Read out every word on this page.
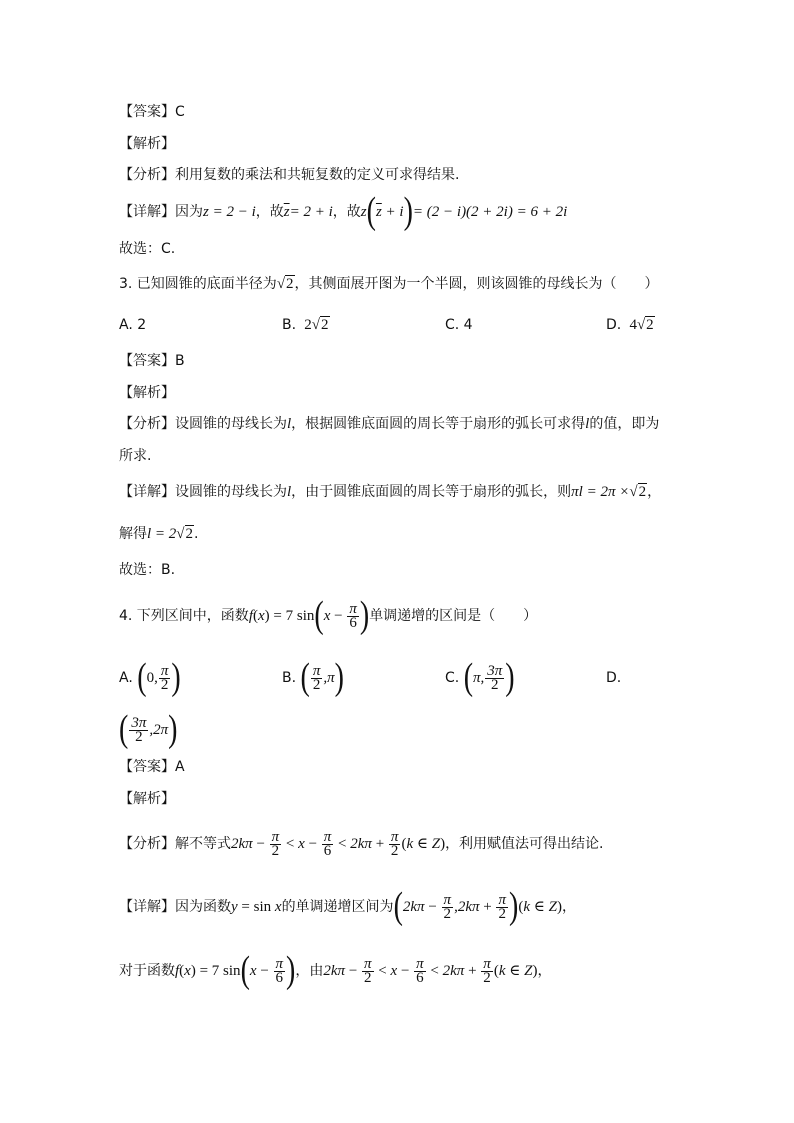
【答案】C
【解析】
【分析】利用复数的乘法和共轭复数的定义可求得结果.
【详解】因为z = 2 − i，故$\overline{z}= 2 + i$，故$z(\overline{z} + i)= (2 - i)(2 + 2i) = 6 + 2i$
故选：C.
3. 已知圆锥的底面半径为√2，其侧面展开图为一个半圆，则该圆锥的母线长为（　　）
A. 2	B.  2√2	C. 4	D.  4√2
【答案】B
【解析】
【分析】设圆锥的母线长为l，根据圆锥底面圆的周长等于扇形的弧长可求得l的值，即为
所求.
【详解】设圆锥的母线长为l，由于圆锥底面圆的周长等于扇形的弧长，则πl = 2π ×√2，
解得l = 2√2.
故选：B.
4. 下列区间中，函数f(x) = 7 $\sin(x - \frac{\pi}{6}$ )单调递增的区间是（　　）
A. (0, $\frac{\pi}{2}$ )	B. ( $\frac{\pi}{2} ,\pi$)	C. (π, $\frac{3\pi}{2}$ )	D.
( $\frac{3\pi}{2} ,2\pi$)
【答案】A
【解析】
【分析】解不等式$2k\pi - \frac{\pi}{2} < x - \frac{\pi}{6} < 2k\pi + \frac{\pi}{2} (k$ ∈ Z)，利用赋值法可得出结论.
【详解】因为函数y = sin x的单调递增区间为$(2k\pi - \frac{\pi}{2} ,2k\pi + \frac{\pi}{2} )(k$ ∈ Z)，
对于函数f(x) = 7 $\sin(x - \frac{\pi}{6}$ )，由$2k\pi - \frac{\pi}{2} < x - \frac{\pi}{6} < 2k\pi + \frac{\pi}{2} (k$ ∈ Z)，
